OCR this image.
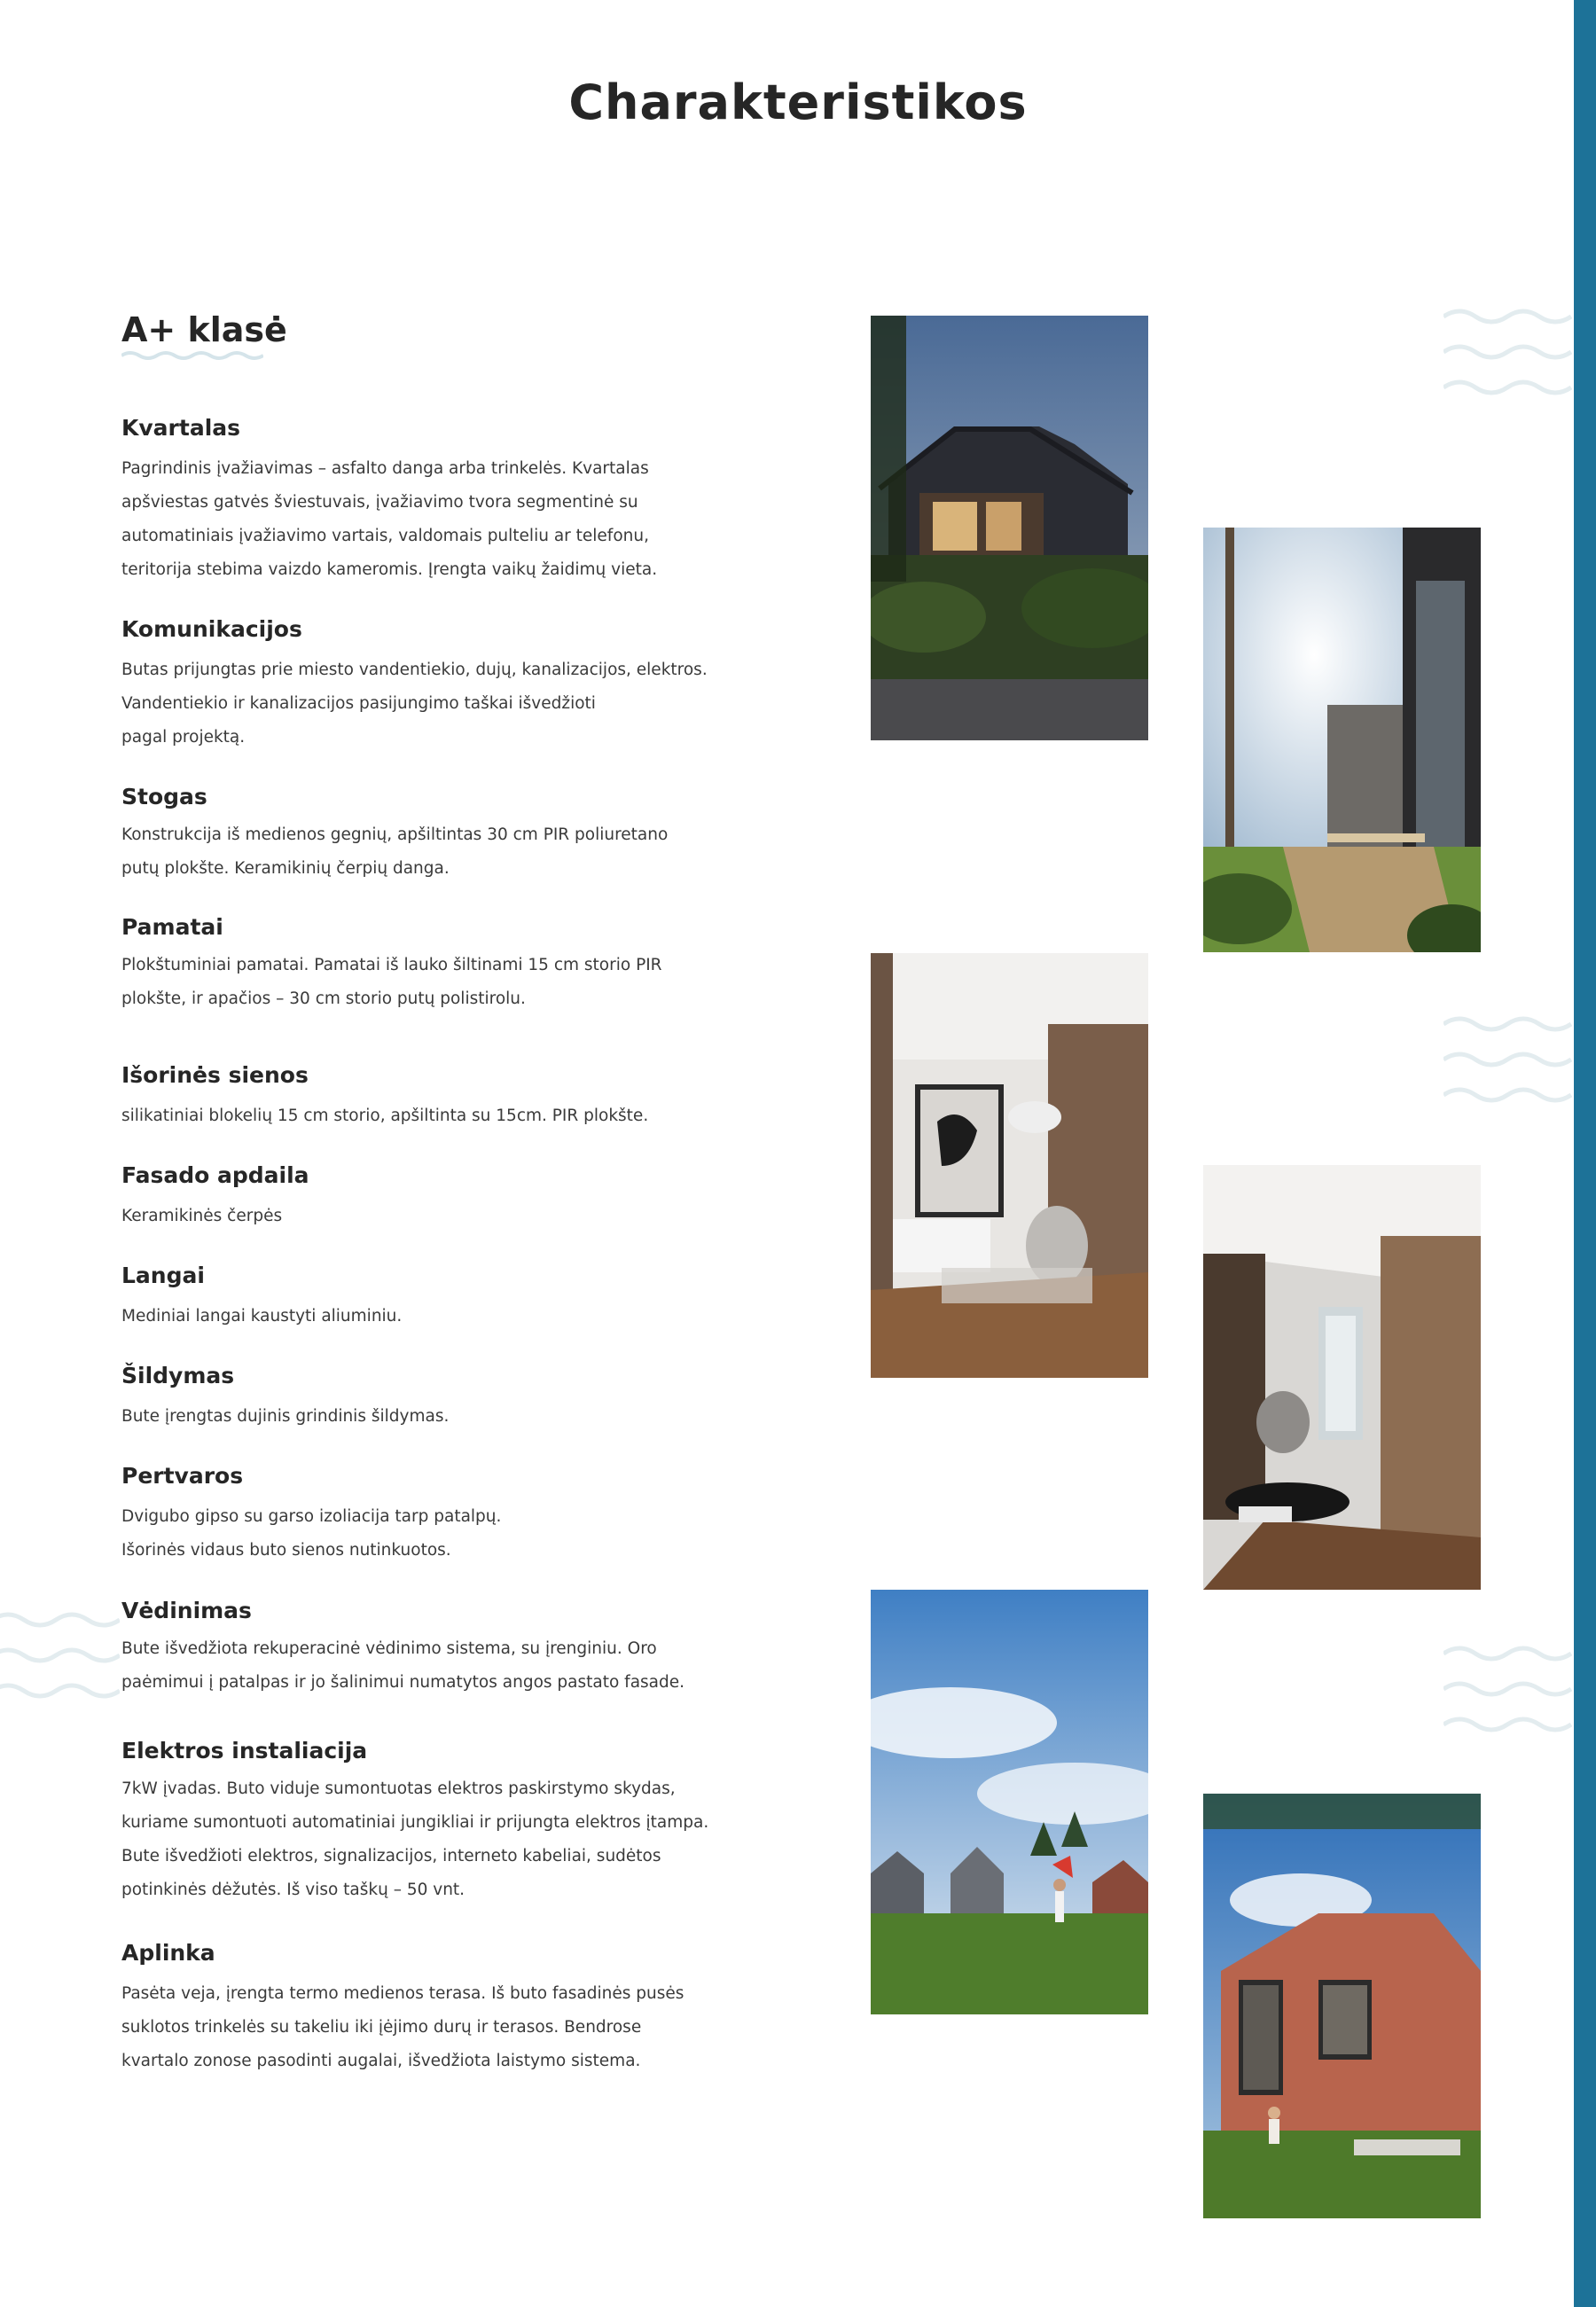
Charakteristikos
A+ klasė
Kvartalas

Pagrindinis įvažiavimas – asfalto danga arba trinkelės. Kvartalas
apšviestas gatvės šviestuvais, įvažiavimo tvora segmentinė su
automatiniais įvažiavimo vartais, valdomais pulteliu ar telefonu,
teritorija stebima vaizdo kameromis. Įrengta vaikų žaidimų vieta.

Komunikacijos

Butas prijungtas prie miesto vandentiekio, dujų, kanalizacijos, elektros.
Vandentiekio ir kanalizacijos pasijungimo taškai išvedžioti
pagal projektą.

Stogas

Konstrukcija iš medienos gegnių, apšiltintas 30 cm PIR poliuretano
putų plokšte. Keramikinių čerpių danga.

Pamatai

Plokštuminiai pamatai. Pamatai iš lauko šiltinami 15 cm storio PIR
plokšte, ir apačios – 30 cm storio putų polistirolu.

Išorinės sienos

silikatiniai blokelių 15 cm storio, apšiltinta su 15cm. PIR plokšte.

Fasado apdaila

Keramikinės čerpės

Langai

Mediniai langai kaustyti aliuminiu.

Šildymas

Bute įrengtas dujinis grindinis šildymas.

Pertvaros

Dvigubo gipso su garso izoliacija tarp patalpų.
Išorinės vidaus buto sienos nutinkuotos.

Vėdinimas

Bute išvedžiota rekuperacinė vėdinimo sistema, su įrenginiu. Oro
paėmimui į patalpas ir jo šalinimui numatytos angos pastato fasade.

Elektros instaliacija

7kW įvadas. Buto viduje sumontuotas elektros paskirstymo skydas,
kuriame sumontuoti automatiniai jungikliai ir prijungta elektros įtampa.
Bute išvedžioti elektros, signalizacijos, interneto kabeliai, sudėtos
potinkinės dėžutės. Iš viso taškų – 50 vnt.

Aplinka

Pasėta veja, įrengta termo medienos terasa. Iš buto fasadinės pusės
suklotos trinkelės su takeliu iki įėjimo durų ir terasos. Bendrose
kvartalo zonose pasodinti augalai, išvedžiota laistymo sistema.
